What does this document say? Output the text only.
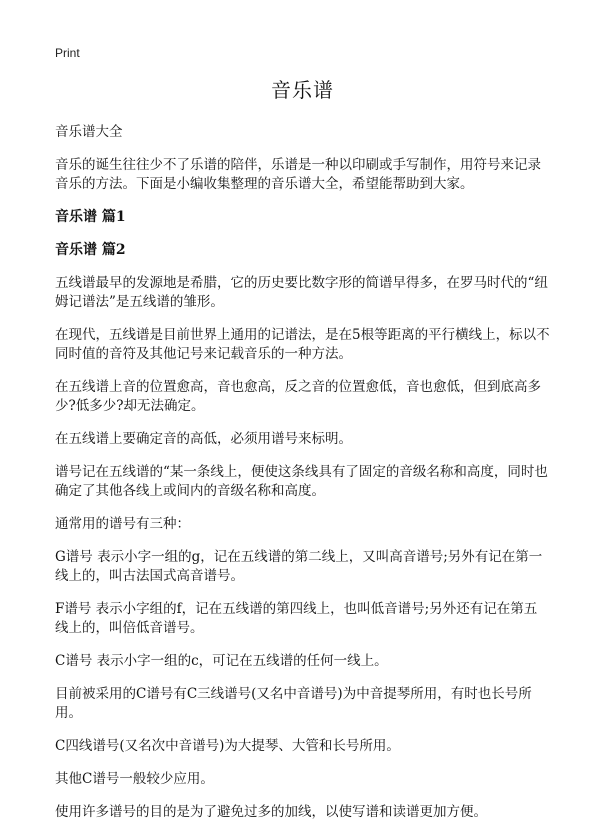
Print
音乐谱

音乐谱大全

音乐的诞生往往少不了乐谱的陪伴，乐谱是一种以印刷或手写制作，用符号来记录音乐的方法。下面是小编收集整理的音乐谱大全，希望能帮助到大家。

音乐谱 篇1
音乐谱 篇2

五线谱最早的发源地是希腊，它的历史要比数字形的简谱早得多，在罗马时代的“纽姆记谱法”是五线谱的雏形。

在现代，五线谱是目前世界上通用的记谱法，是在5根等距离的平行横线上，标以不同时值的音符及其他记号来记载音乐的一种方法。

在五线谱上音的位置愈高，音也愈高，反之音的位置愈低，音也愈低，但到底高多少?低多少?却无法确定。

在五线谱上要确定音的高低，必须用谱号来标明。

谱号记在五线谱的“某一条线上，便使这条线具有了固定的音级名称和高度，同时也确定了其他各线上或间内的音级名称和高度。

通常用的谱号有三种：

G谱号 表示小字一组的g，记在五线谱的第二线上，又叫高音谱号;另外有记在第一线上的，叫古法国式高音谱号。

F谱号 表示小字组的f，记在五线谱的第四线上，也叫低音谱号;另外还有记在第五线上的，叫倍低音谱号。

C谱号 表示小字一组的c，可记在五线谱的任何一线上。

目前被采用的C谱号有C三线谱号(又名中音谱号)为中音提琴所用，有时也长号所用。

C四线谱号(又名次中音谱号)为大提琴、大管和长号所用。

其他C谱号一般较少应用。

使用许多谱号的目的是为了避免过多的加线，以使写谱和读谱更加方便。
